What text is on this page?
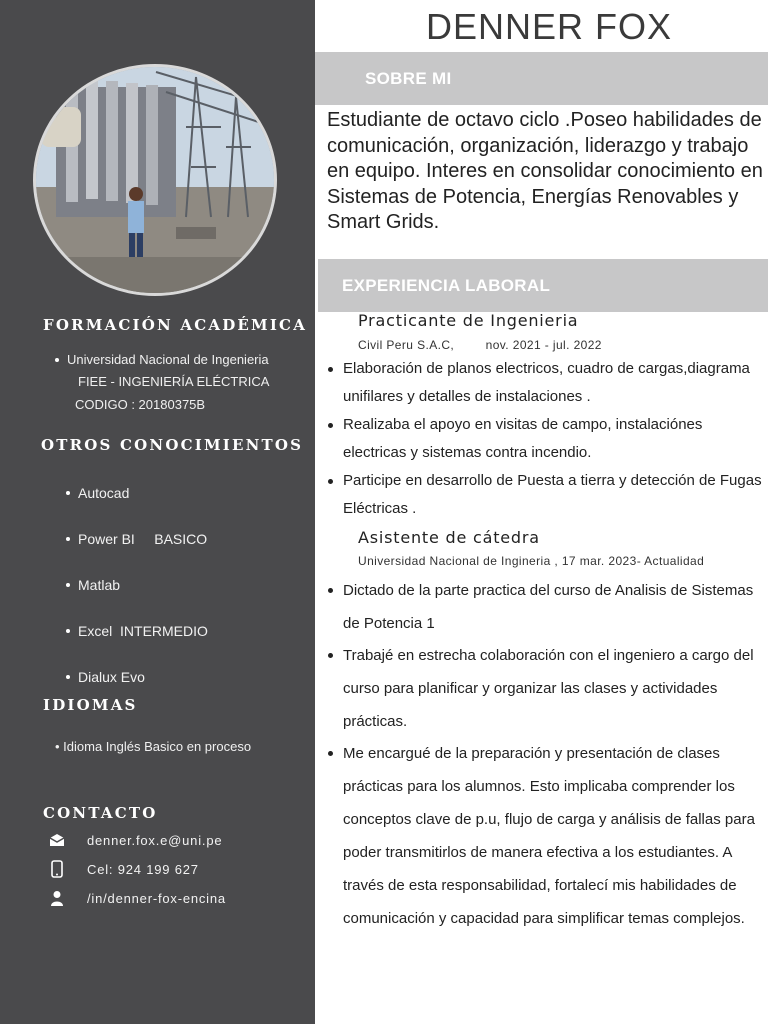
FORMACIÓN ACADÉMICA
Universidad Nacional de Ingenieria
FIEE - INGENIERÍA ELÉCTRICA
CODIGO : 20180375B
OTROS CONOCIMIENTOS
Autocad
Power BI     BASICO
Matlab
Excel  INTERMEDIO
Dialux Evo
IDIOMAS
• Idioma Inglés Basico en proceso
CONTACTO
denner.fox.e@uni.pe
Cel: 924 199 627
/in/denner-fox-encina
DENNER FOX
SOBRE MI

Estudiante de octavo ciclo .Poseo habilidades de comunicación, organización, liderazgo y trabajo en equipo. Interes en consolidar conocimiento en Sistemas de Potencia, Energías Renovables y Smart Grids.

EXPERIENCIA LABORAL
Practicante de Ingenieria
Civil Peru S.A.C,	nov. 2021 - jul. 2022

Elaboración de planos electricos, cuadro de cargas,diagrama unifilares y detalles de instalaciones .

Realizaba el apoyo en visitas de campo, instalaciónes electricas y sistemas contra incendio.

Participe en desarrollo de Puesta a tierra y detección de Fugas Eléctricas .

Asistente de cátedra
Universidad Nacional de Ingineria , 17 mar. 2023- Actualidad

Dictado de la parte practica del curso de Analisis de Sistemas de Potencia 1

Trabajé en estrecha colaboración con el ingeniero a cargo del curso para planificar y organizar las clases y actividades prácticas.

Me encargué de la preparación y presentación de clases prácticas para los alumnos. Esto implicaba comprender los conceptos clave de p.u, flujo de carga y análisis de fallas para poder transmitirlos de manera efectiva a los estudiantes. A través de esta responsabilidad, fortalecí mis habilidades de comunicación y capacidad para simplificar temas complejos.
